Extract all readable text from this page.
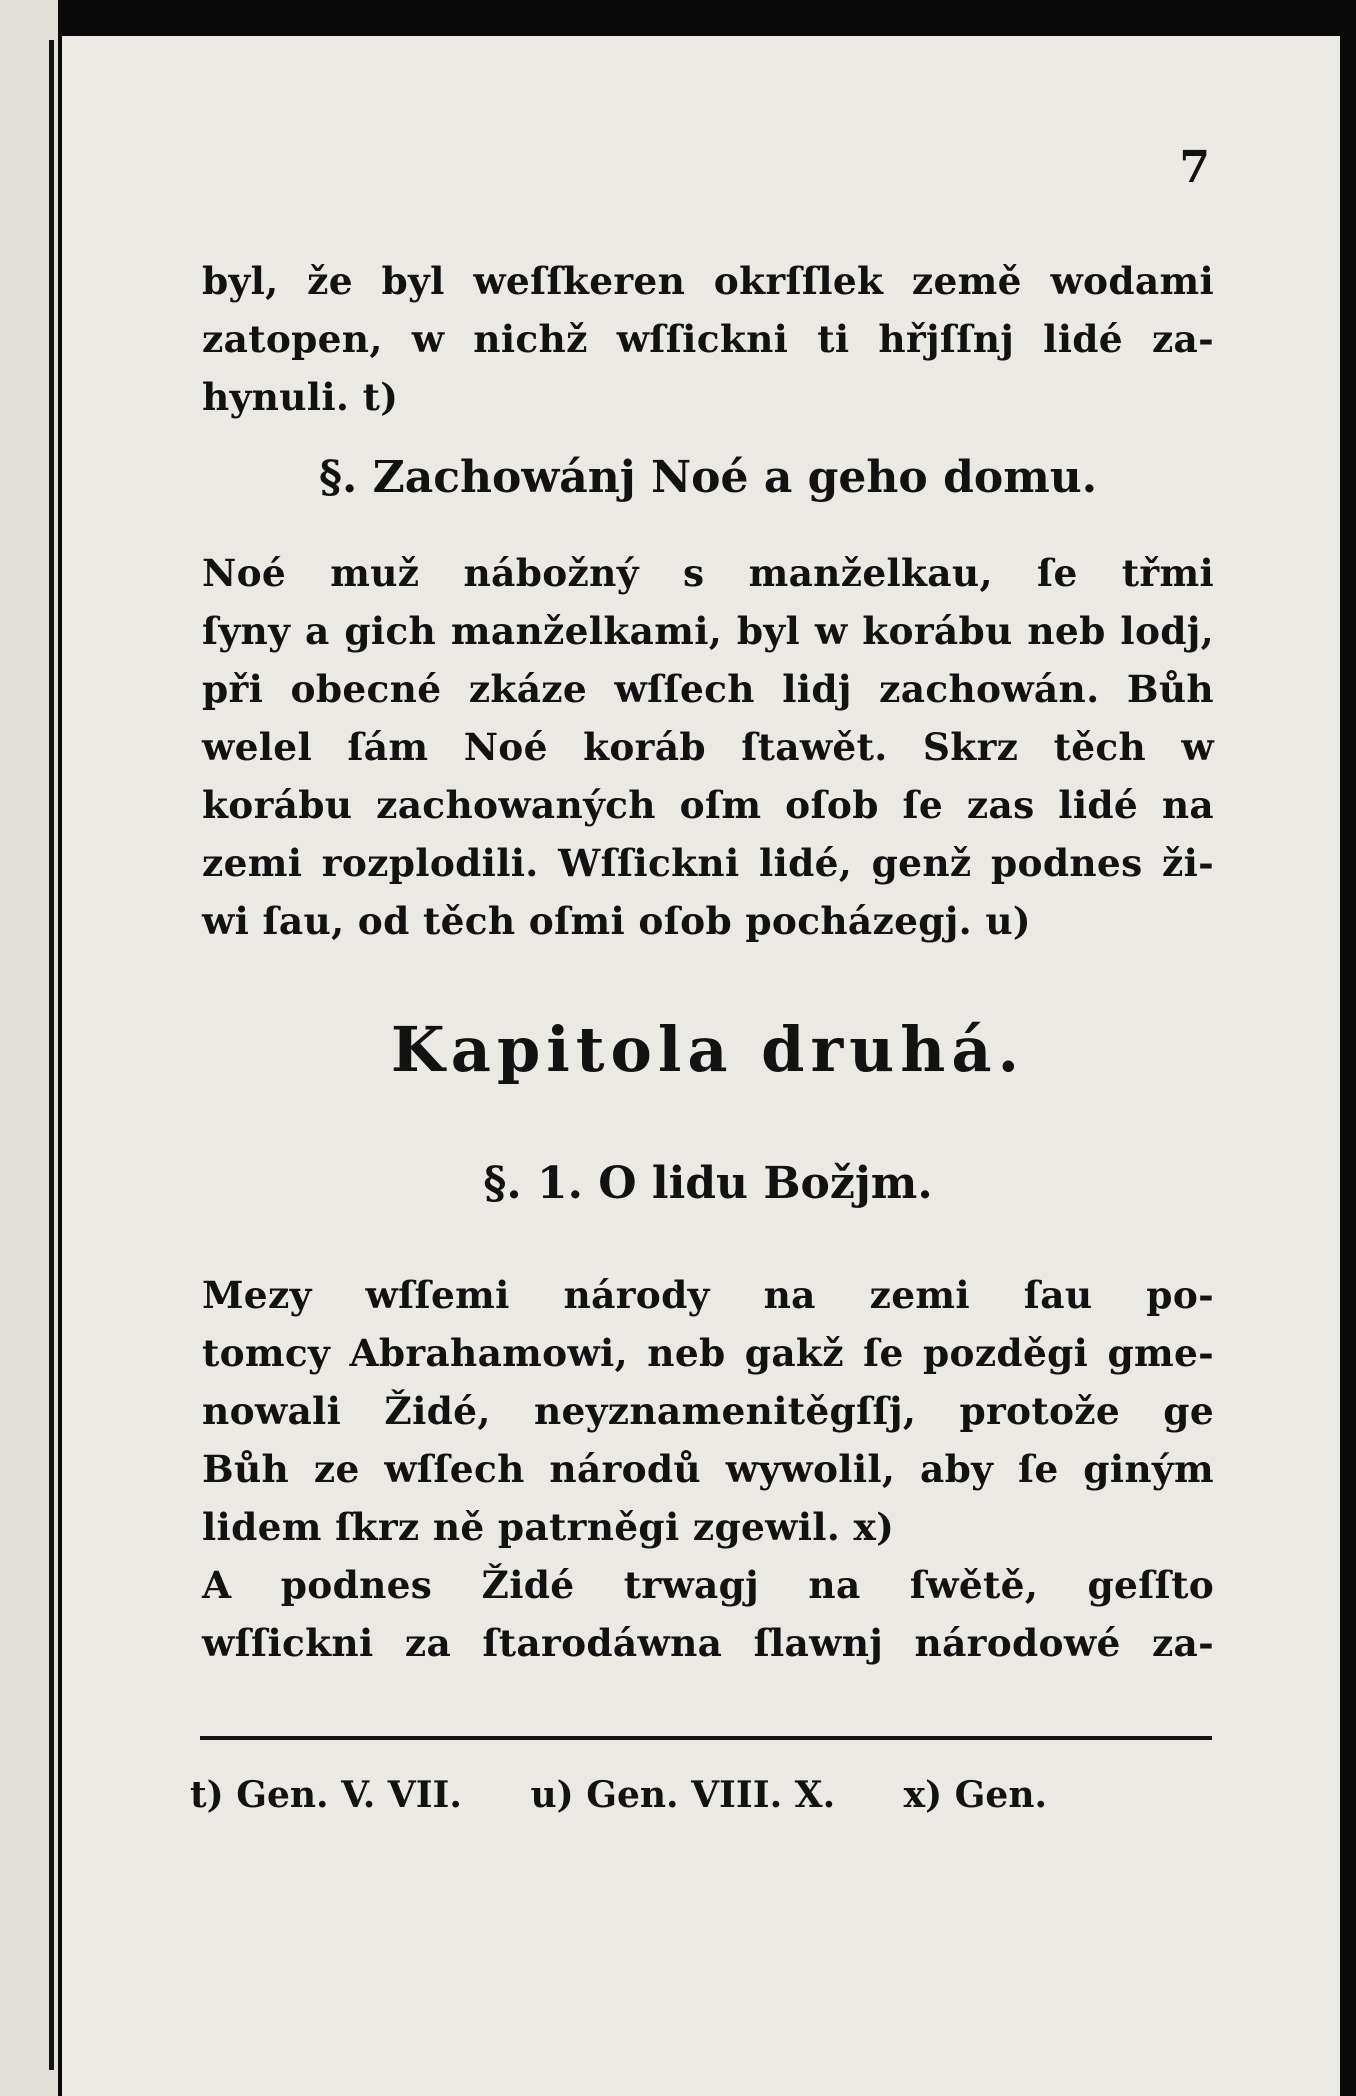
7
byl, že byl weſſkeren okrſſlek země wodami
zatopen, w nichž wſſickni ti hřjſſnj lidé za-
hynuli. t)
§. Zachowánj Noé a geho domu.
Noé muž nábožný s manželkau, ſe třmi
ſyny a gich manželkami, byl w korábu neb lodj,
při obecné zkáze wſſech lidj zachowán. Bůh
welel ſám Noé koráb ſtawět. Skrz těch w
korábu zachowaných oſm oſob ſe zas lidé na
zemi rozplodili. Wſſickni lidé, genž podnes ži-
wi ſau, od těch oſmi oſob pocházegj. u)
Kapitola druhá.
§. 1. O lidu Božjm.
Mezy wſſemi národy na zemi ſau po-
tomcy Abrahamowi, neb gakž ſe pozděgi gme-
nowali Židé, neyznamenitěgſſj, protože ge
Bůh ze wſſech národů wywolil, aby ſe giným
lidem ſkrz ně patrněgi zgewil. x)
A podnes Židé trwagj na ſwětě, geſſto
wſſickni za ſtarodáwna ſlawnj národowé za-
t) Gen. V. VII. u) Gen. VIII. X. x) Gen.
